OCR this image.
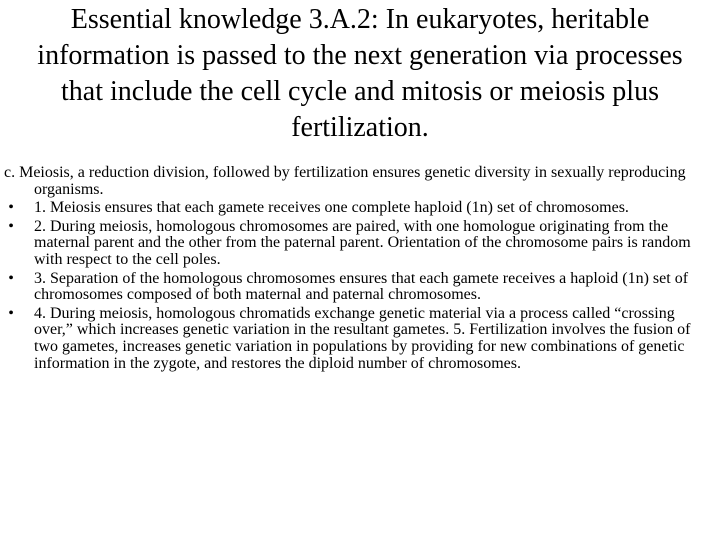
Essential knowledge 3.A.2: In eukaryotes, heritable information is passed to the next generation via processes that include the cell cycle and mitosis or meiosis plus fertilization.

c. Meiosis, a reduction division, followed by fertilization ensures genetic diversity in sexually reproducing organisms.

• 1. Meiosis ensures that each gamete receives one complete haploid (1n) set of chromosomes.
• 2. During meiosis, homologous chromosomes are paired, with one homologue originating from the maternal parent and the other from the paternal parent. Orientation of the chromosome pairs is random with respect to the cell poles.
• 3. Separation of the homologous chromosomes ensures that each gamete receives a haploid (1n) set of chromosomes composed of both maternal and paternal chromosomes.
• 4. During meiosis, homologous chromatids exchange genetic material via a process called “crossing over,” which increases genetic variation in the resultant gametes. 5. Fertilization involves the fusion of two gametes, increases genetic variation in populations by providing for new combinations of genetic information in the zygote, and restores the diploid number of chromosomes.
